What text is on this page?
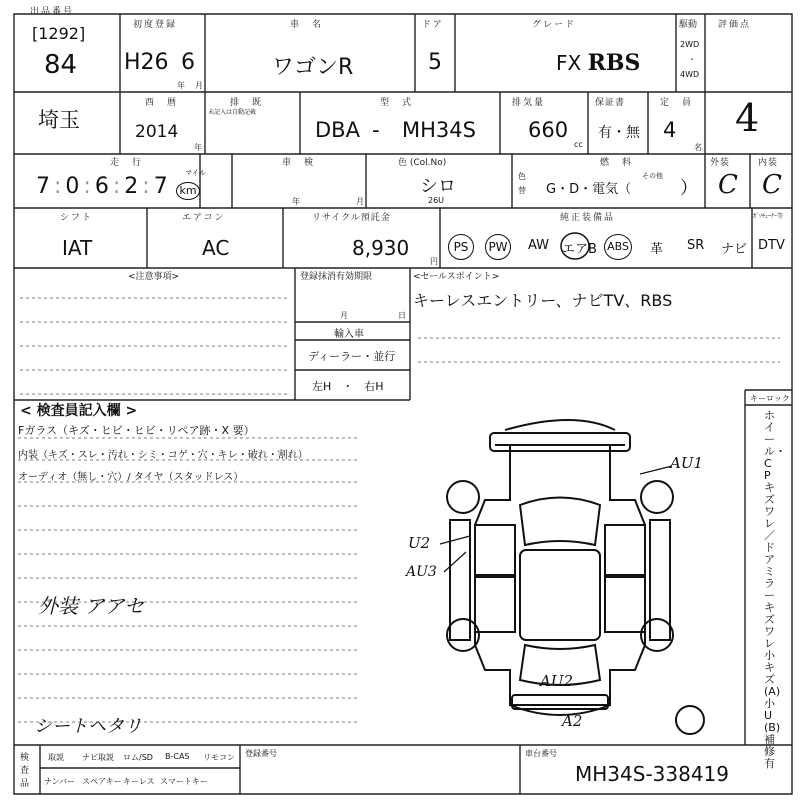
出品番号
[1292]
84
初度登録
H26 6
年 月
車　名
ワゴンR
ドア
5
グレード
FX RBS
駆動
2WD
・
4WD
評価点
4
埼玉
西　暦
2014
年
排　既
未記入は自動記載
型　式
DBA - MH34S
排気量
660
cc
保証書
有・無
定　員
4
名
走　行
7 : 0 : 6 : 2 : 7
マイル
km
車　検
年	月
色 (Col.No)
シロ
26U
色替
燃　料
G・D・電気（
その他
）
外装
C
内装
C
シフト
IAT
エアコン
AC
リサイクル預託金
8,930
円
純正装備品	ｶﾞｿﾁｭｰﾅｰ等
PS	PW AW エアB ABS 革 SR ナビ DTV
<注意事項>	登録抹消有効期限
月	日
輸入車
ディーラー・並行
左H　・　右H
<セールスポイント>
キーレスエントリー、ナビTV、RBS
< 検査員記入欄 >
Fガラス（キズ・ヒビ・ヒビ・リペア跡・X 要）
内装（キズ・スレ・汚れ・シミ・コゲ・穴・キレ・破れ・割れ）
オーディオ（無し・穴）/ タイヤ（スタッドレス）
外装 アアセ
シートヘタリ
AU1
U2
AU3
AU2
A2
キーロック
ホイール・CPキズワレ／ドアミラーキズワレ　小キズ(A)小U(B)補修有
検査品
取説 ナビ取説 ロム/SD B-CAS リモコン
ナンバー スペアキー キーレス スマートキー
登録番号	車台番号
MH34S-338419
